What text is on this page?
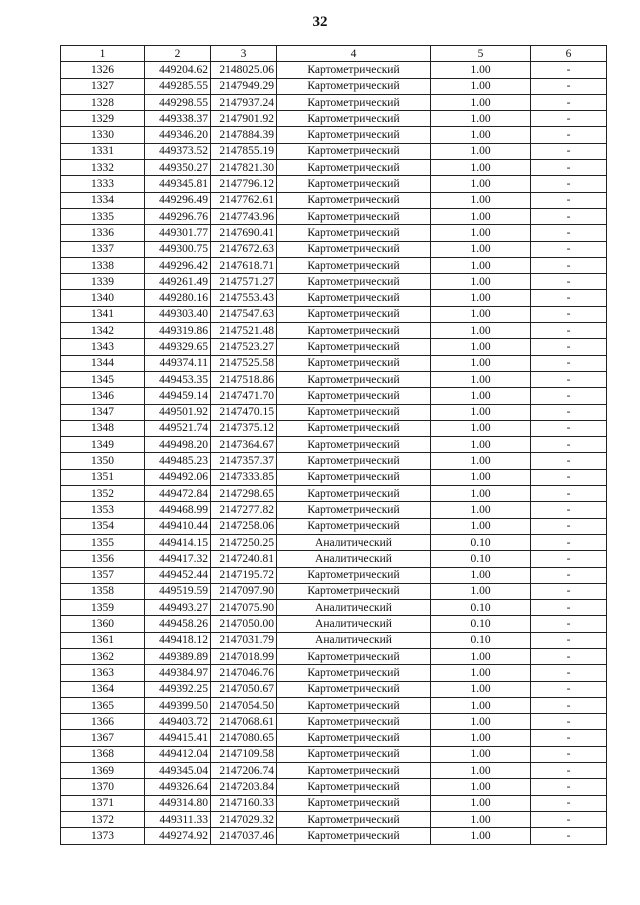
32
1	2	3	4	5	6
1326	449204.62	2148025.06	Картометрический	1.00	-
1327	449285.55	2147949.29	Картометрический	1.00	-
1328	449298.55	2147937.24	Картометрический	1.00	-
1329	449338.37	2147901.92	Картометрический	1.00	-
1330	449346.20	2147884.39	Картометрический	1.00	-
1331	449373.52	2147855.19	Картометрический	1.00	-
1332	449350.27	2147821.30	Картометрический	1.00	-
1333	449345.81	2147796.12	Картометрический	1.00	-
1334	449296.49	2147762.61	Картометрический	1.00	-
1335	449296.76	2147743.96	Картометрический	1.00	-
1336	449301.77	2147690.41	Картометрический	1.00	-
1337	449300.75	2147672.63	Картометрический	1.00	-
1338	449296.42	2147618.71	Картометрический	1.00	-
1339	449261.49	2147571.27	Картометрический	1.00	-
1340	449280.16	2147553.43	Картометрический	1.00	-
1341	449303.40	2147547.63	Картометрический	1.00	-
1342	449319.86	2147521.48	Картометрический	1.00	-
1343	449329.65	2147523.27	Картометрический	1.00	-
1344	449374.11	2147525.58	Картометрический	1.00	-
1345	449453.35	2147518.86	Картометрический	1.00	-
1346	449459.14	2147471.70	Картометрический	1.00	-
1347	449501.92	2147470.15	Картометрический	1.00	-
1348	449521.74	2147375.12	Картометрический	1.00	-
1349	449498.20	2147364.67	Картометрический	1.00	-
1350	449485.23	2147357.37	Картометрический	1.00	-
1351	449492.06	2147333.85	Картометрический	1.00	-
1352	449472.84	2147298.65	Картометрический	1.00	-
1353	449468.99	2147277.82	Картометрический	1.00	-
1354	449410.44	2147258.06	Картометрический	1.00	-
1355	449414.15	2147250.25	Аналитический	0.10	-
1356	449417.32	2147240.81	Аналитический	0.10	-
1357	449452.44	2147195.72	Картометрический	1.00	-
1358	449519.59	2147097.90	Картометрический	1.00	-
1359	449493.27	2147075.90	Аналитический	0.10	-
1360	449458.26	2147050.00	Аналитический	0.10	-
1361	449418.12	2147031.79	Аналитический	0.10	-
1362	449389.89	2147018.99	Картометрический	1.00	-
1363	449384.97	2147046.76	Картометрический	1.00	-
1364	449392.25	2147050.67	Картометрический	1.00	-
1365	449399.50	2147054.50	Картометрический	1.00	-
1366	449403.72	2147068.61	Картометрический	1.00	-
1367	449415.41	2147080.65	Картометрический	1.00	-
1368	449412.04	2147109.58	Картометрический	1.00	-
1369	449345.04	2147206.74	Картометрический	1.00	-
1370	449326.64	2147203.84	Картометрический	1.00	-
1371	449314.80	2147160.33	Картометрический	1.00	-
1372	449311.33	2147029.32	Картометрический	1.00	-
1373	449274.92	2147037.46	Картометрический	1.00	-
